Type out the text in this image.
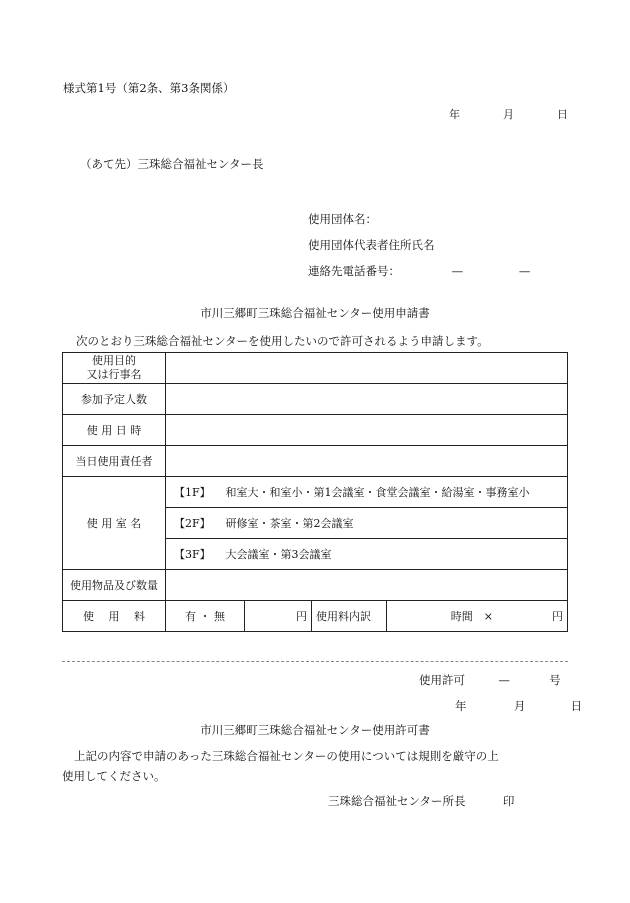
様式第1号（第2条、第3条関係）
年	月	日
（あて先）三珠総合福祉センター長
使用団体名：
使用団体代表者住所氏名
連絡先電話番号：	—	—
市川三郷町三珠総合福祉センター使用申請書
次のとおり三珠総合福祉センターを使用したいので許可されるよう申請します。
使用目的
又は行事名				

参加予定人数				
使 用 日 時				
当日使用責任者				
使 用 室 名	【1F】 和室大・和室小・第1会議室・食堂会議室・給湯室・事務室小			
	【2F】 研修室・茶室・第2会議室			
	【3F】 大会議室・第3会議室			
使用物品及び数量				
使　 用　 料	有 ・ 無	円	使用料内訳	時間　× 円
使用許可	—	号
年	月	日
市川三郷町三珠総合福祉センター使用許可書
上記の内容で申請のあった三珠総合福祉センターの使用については規則を厳守の上
使用してください。
三珠総合福祉センター所長	印
